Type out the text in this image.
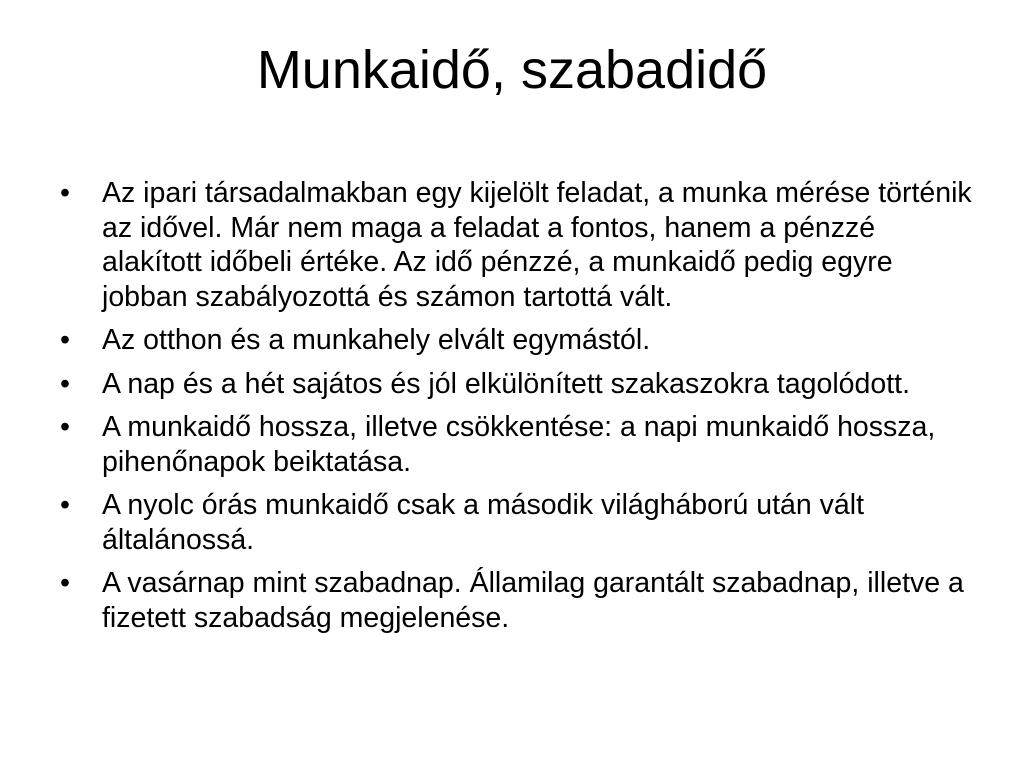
Munkaidő, szabadidő
•	Az ipari társadalmakban egy kijelölt feladat, a munka mérése történik az idővel. Már nem maga a feladat a fontos, hanem a pénzzé alakított időbeli értéke. Az idő pénzzé, a munkaidő pedig egyre jobban szabályozottá és számon tartottá vált.
•	Az otthon és a munkahely elvált egymástól.
•	A nap és a hét sajátos és jól elkülönített szakaszokra tagolódott.
•	A munkaidő hossza, illetve csökkentése: a napi munkaidő hossza, pihenőnapok beiktatása.
•	A nyolc órás munkaidő csak a második világháború után vált általánossá.
•	A vasárnap mint szabadnap. Államilag garantált szabadnap, illetve a fizetett szabadság megjelenése.
